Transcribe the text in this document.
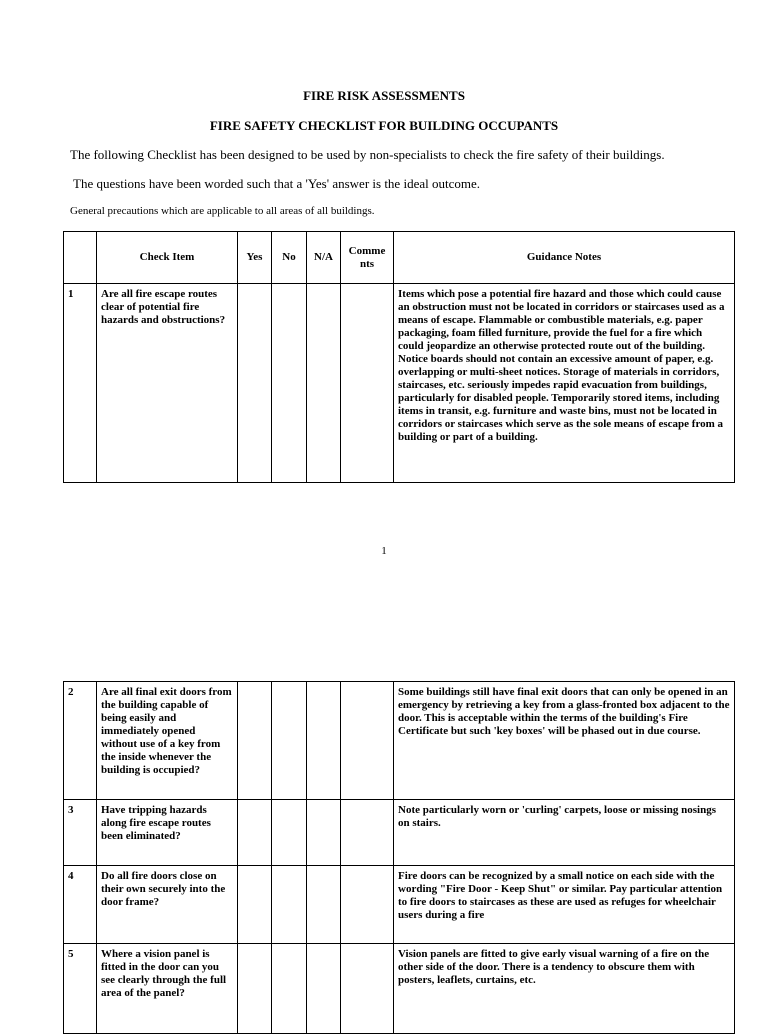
FIRE RISK ASSESSMENTS
FIRE SAFETY CHECKLIST FOR BUILDING OCCUPANTS
The following Checklist has been designed to be used by non-specialists to check the fire safety of their buildings.
The questions have been worded such that a 'Yes' answer is the ideal outcome.
General precautions which are applicable to all areas of all buildings.
	Check Item	Yes	No	N/A	Comme nts	Guidance Notes

1	Are all fire escape routes clear of potential fire hazards and obstructions?					Items which pose a potential fire hazard and those which could cause an obstruction must not be located in corridors or staircases used as a means of escape. Flammable or combustible materials, e.g. paper packaging, foam filled furniture, provide the fuel for a fire which could jeopardize an otherwise protected route out of the building. Notice boards should not contain an excessive amount of paper, e.g. overlapping or multi-sheet notices. Storage of materials in corridors, staircases, etc. seriously impedes rapid evacuation from buildings, particularly for disabled people. Temporarily stored items, including items in transit, e.g. furniture and waste bins, must not be located in corridors or staircases which serve as the sole means of escape from a building or part of a building.
1
2	Are all final exit doors from the building capable of being easily and immediately opened without use of a key from the inside whenever the building is occupied?					Some buildings still have final exit doors that can only be opened in an emergency by retrieving a key from a glass-fronted box adjacent to the door. This is acceptable within the terms of the building's Fire Certificate but such 'key boxes' will be phased out in due course.

3	Have tripping hazards along fire escape routes been eliminated?					Note particularly worn or 'curling' carpets, loose or missing nosings on stairs.

4	Do all fire doors close on their own securely into the door frame?					Fire doors can be recognized by a small notice on each side with the wording "Fire Door - Keep Shut" or similar. Pay particular attention to fire doors to staircases as these are used as refuges for wheelchair users during a fire

5	Where a vision panel is fitted in the door can you see clearly through the full area of the panel?					Vision panels are fitted to give early visual warning of a fire on the other side of the door. There is a tendency to obscure them with posters, leaflets, curtains, etc.
